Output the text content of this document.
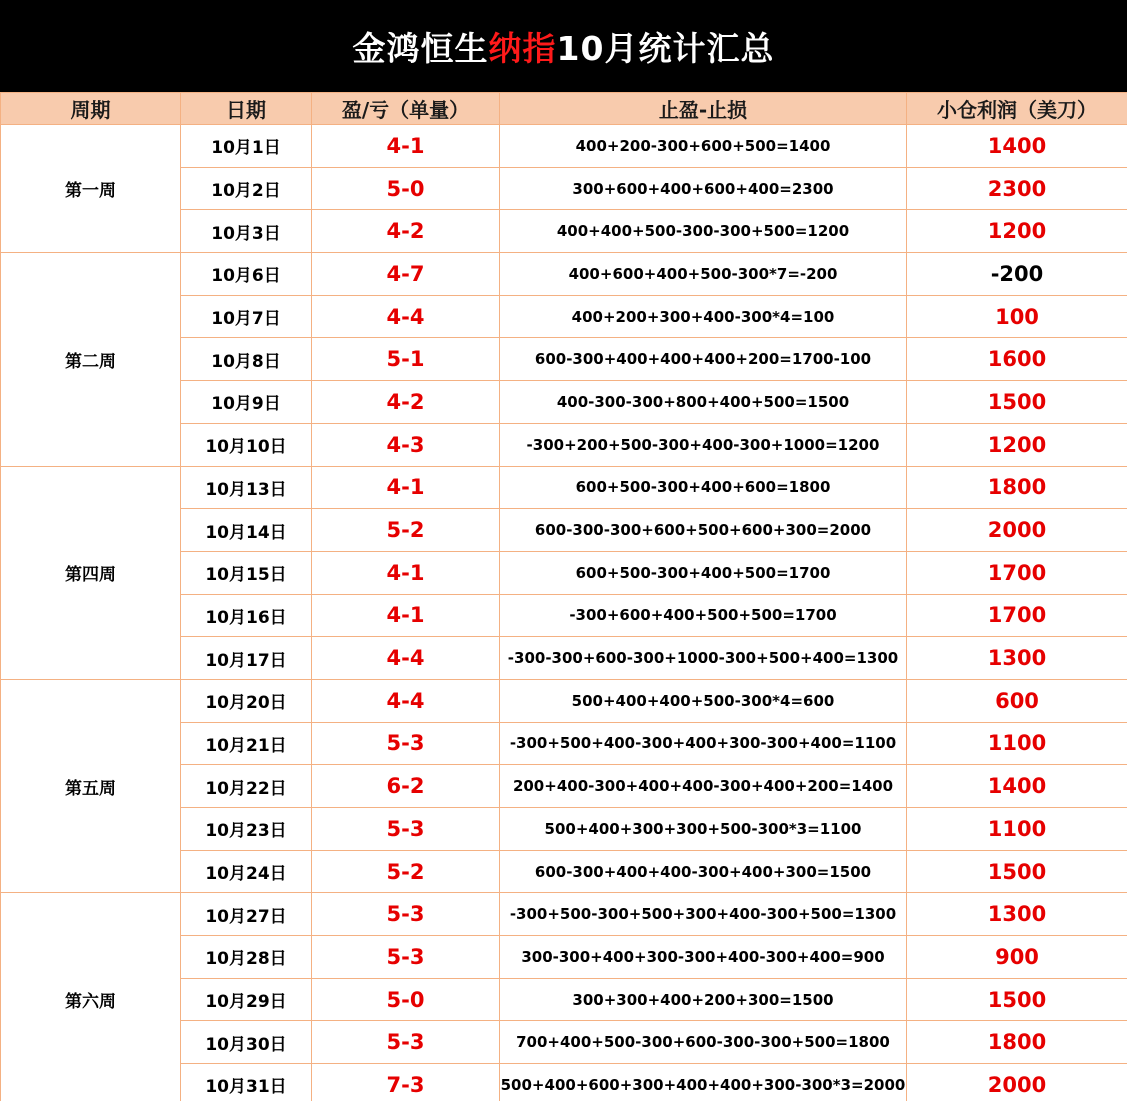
金鸿恒生 纳指 10月统计汇总
周期	日期	盈/亏（单量）	止盈-止损	小仓利润（美刀）
第一周	10月1日	4-1	400+200-300+600+500=1400	1400
	10月2日	5-0	300+600+400+600+400=2300	2300
	10月3日	4-2	400+400+500-300-300+500=1200	1200
第二周	10月6日	4-7	400+600+400+500-300*7=-200	-200
	10月7日	4-4	400+200+300+400-300*4=100	100
	10月8日	5-1	600-300+400+400+400+200=1700-100	1600
	10月9日	4-2	400-300-300+800+400+500=1500	1500
	10月10日	4-3	-300+200+500-300+400-300+1000=1200	1200
第四周	10月13日	4-1	600+500-300+400+600=1800	1800
	10月14日	5-2	600-300-300+600+500+600+300=2000	2000
	10月15日	4-1	600+500-300+400+500=1700	1700
	10月16日	4-1	-300+600+400+500+500=1700	1700
	10月17日	4-4	-300-300+600-300+1000-300+500+400=1300	1300
第五周	10月20日	4-4	500+400+400+500-300*4=600	600
	10月21日	5-3	-300+500+400-300+400+300-300+400=1100	1100
	10月22日	6-2	200+400-300+400+400-300+400+200=1400	1400
	10月23日	5-3	500+400+300+300+500-300*3=1100	1100
	10月24日	5-2	600-300+400+400-300+400+300=1500	1500
第六周	10月27日	5-3	-300+500-300+500+300+400-300+500=1300	1300
	10月28日	5-3	300-300+400+300-300+400-300+400=900	900
	10月29日	5-0	300+300+400+200+300=1500	1500
	10月30日	5-3	700+400+500-300+600-300-300+500=1800	1800
	10月31日	7-3	500+400+600+300+400+400+300-300*3=2000	2000
